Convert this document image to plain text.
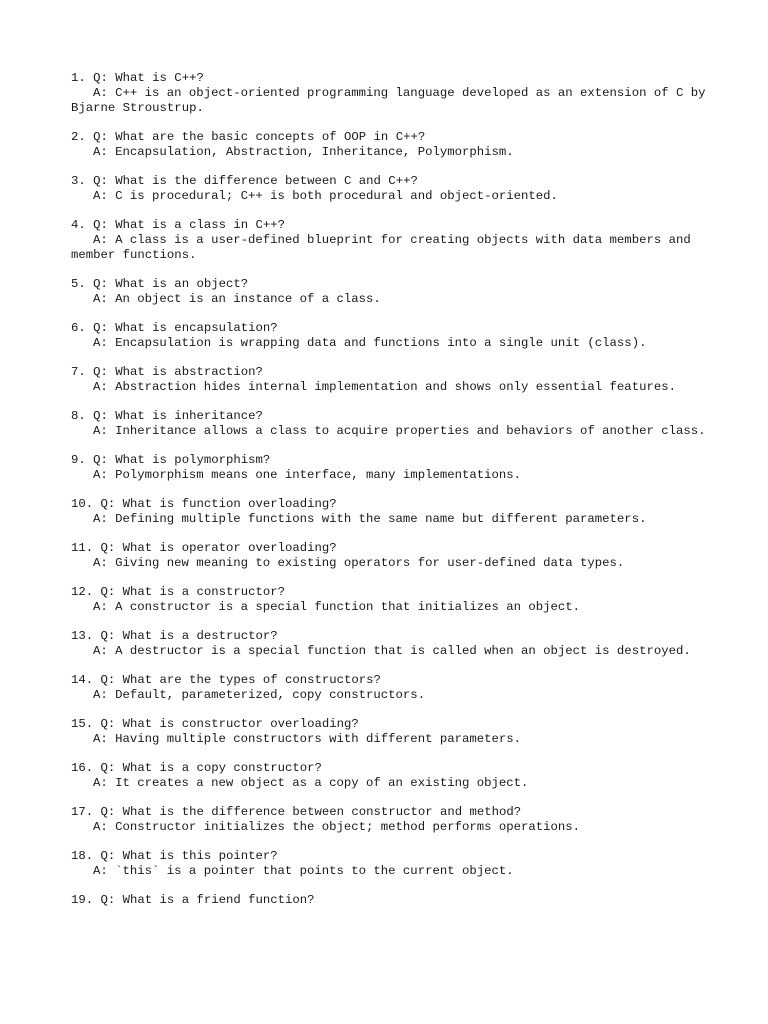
1. Q: What is C++?
A: C++ is an object-oriented programming language developed as an extension of C by Bjarne Stroustrup.
2. Q: What are the basic concepts of OOP in C++?
A: Encapsulation, Abstraction, Inheritance, Polymorphism.
3. Q: What is the difference between C and C++?
A: C is procedural; C++ is both procedural and object-oriented.
4. Q: What is a class in C++?
A: A class is a user-defined blueprint for creating objects with data members and member functions.
5. Q: What is an object?
A: An object is an instance of a class.
6. Q: What is encapsulation?
A: Encapsulation is wrapping data and functions into a single unit (class).
7. Q: What is abstraction?
A: Abstraction hides internal implementation and shows only essential features.
8. Q: What is inheritance?
A: Inheritance allows a class to acquire properties and behaviors of another class.
9. Q: What is polymorphism?
A: Polymorphism means one interface, many implementations.
10. Q: What is function overloading?
A: Defining multiple functions with the same name but different parameters.
11. Q: What is operator overloading?
A: Giving new meaning to existing operators for user-defined data types.
12. Q: What is a constructor?
A: A constructor is a special function that initializes an object.
13. Q: What is a destructor?
A: A destructor is a special function that is called when an object is destroyed.
14. Q: What are the types of constructors?
A: Default, parameterized, copy constructors.
15. Q: What is constructor overloading?
A: Having multiple constructors with different parameters.
16. Q: What is a copy constructor?
A: It creates a new object as a copy of an existing object.
17. Q: What is the difference between constructor and method?
A: Constructor initializes the object; method performs operations.
18. Q: What is this pointer?
A: `this` is a pointer that points to the current object.
19. Q: What is a friend function?
